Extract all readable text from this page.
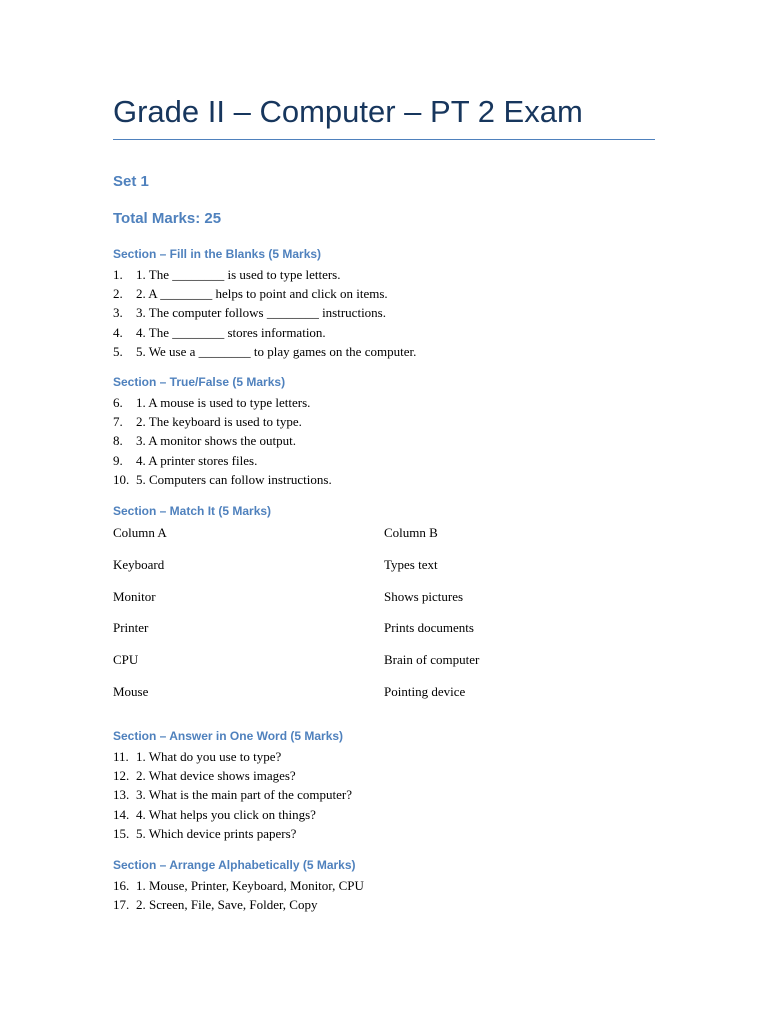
Grade II – Computer – PT 2 Exam
Set 1
Total Marks: 25
Section – Fill in the Blanks (5 Marks)
1. 1. The ________ is used to type letters.
2. 2. A ________ helps to point and click on items.
3. 3. The computer follows ________ instructions.
4. 4. The ________ stores information.
5. 5. We use a ________ to play games on the computer.
Section – True/False (5 Marks)
6. 1. A mouse is used to type letters.
7. 2. The keyboard is used to type.
8. 3. A monitor shows the output.
9. 4. A printer stores files.
10. 5. Computers can follow instructions.
Section – Match It (5 Marks)
Column A	Column B
Keyboard	Types text
Monitor	Shows pictures
Printer	Prints documents
CPU	Brain of computer
Mouse	Pointing device
Section – Answer in One Word (5 Marks)
11. 1. What do you use to type?
12. 2. What device shows images?
13. 3. What is the main part of the computer?
14. 4. What helps you click on things?
15. 5. Which device prints papers?
Section – Arrange Alphabetically (5 Marks)
16. 1. Mouse, Printer, Keyboard, Monitor, CPU
17. 2. Screen, File, Save, Folder, Copy
